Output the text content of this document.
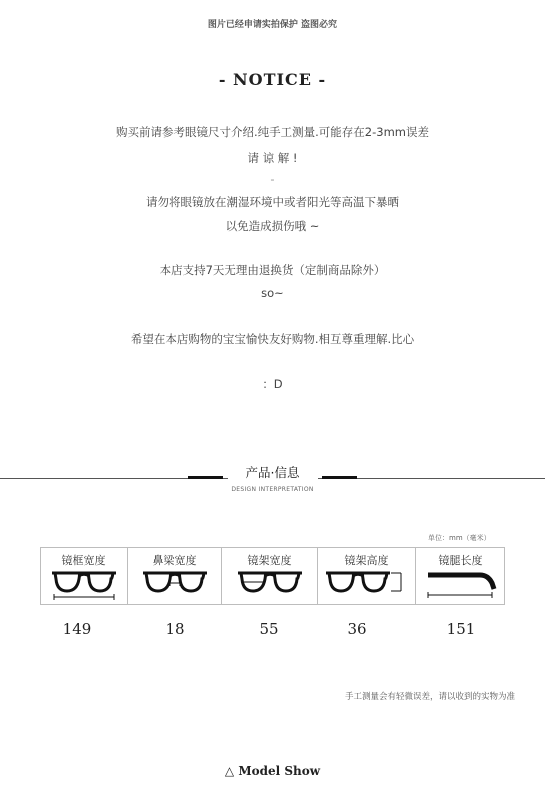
图片已经申请实拍保护 盗图必究
- NOTICE -
购买前请参考眼镜尺寸介绍.纯手工测量.可能存在2-3mm误差
请 谅 解 !
-
请勿将眼镜放在潮湿环境中或者阳光等高温下暴晒
以免造成损伤哦 ~
本店支持7天无理由退换货（定制商品除外）
so~
希望在本店购物的宝宝愉快友好购物.相互尊重理解.比心
：D
产品·信息
DESIGN INTERPRETATION
单位：mm（毫米）
镜框宽度	鼻梁宽度	镜架宽度	镜架高度	镜腿长度
149	18	55	36	151
手工测量会有轻微误差，请以收到的实物为准
△ Model Show
